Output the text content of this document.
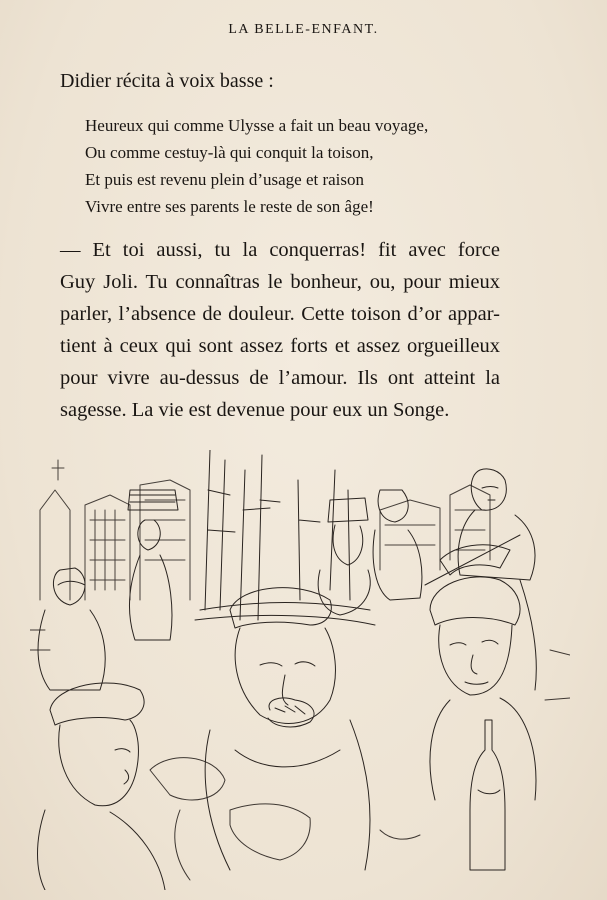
LA BELLE-ENFANT.
Didier récita à voix basse :
Heureux qui comme Ulysse a fait un beau voyage,
Ou comme cestuy-là qui conquit la toison,
Et puis est revenu plein d’usage et raison
Vivre entre ses parents le reste de son âge!
— Et toi aussi, tu la conquerras! fit avec force
Guy Joli. Tu connaîtras le bonheur, ou, pour mieux
parler, l’absence de douleur. Cette toison d’or appar-
tient à ceux qui sont assez forts et assez orgueilleux
pour vivre au-dessus de l’amour. Ils ont atteint la
sagesse. La vie est devenue pour eux un Songe.
